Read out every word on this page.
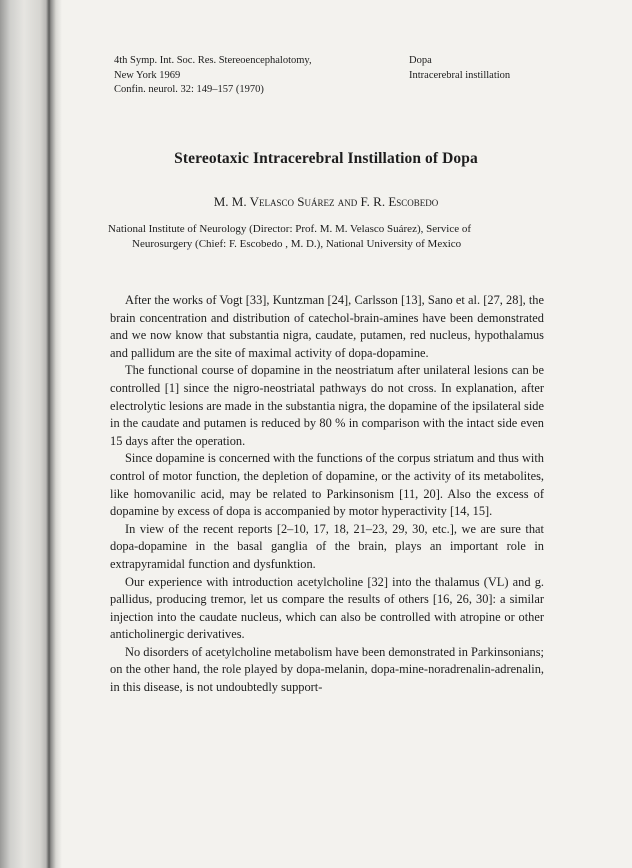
4th Symp. Int. Soc. Res. Stereoencephalotomy,
New York 1969
Confin. neurol. 32: 149–157 (1970)
Dopa
Intracerebral instillation
Stereotaxic Intracerebral Instillation of Dopa
M. M. Velasco Suárez and F. R. Escobedo
National Institute of Neurology (Director: Prof. M. M. Velasco Suárez), Service of
Neurosurgery (Chief: F. Escobedo , M. D.), National University of Mexico

After the works of Vogt [33], Kuntzman [24], Carlsson [13], Sano et al. [27, 28], the brain concentration and distribution of catechol-brain-amines have been demonstrated and we now know that substantia nigra, caudate, putamen, red nucleus, hypothalamus and pallidum are the site of maximal activity of dopa-dopamine.

The functional course of dopamine in the neostriatum after unilateral lesions can be controlled [1] since the nigro-neostriatal pathways do not cross. In explanation, after electrolytic lesions are made in the substantia nigra, the dopamine of the ipsilateral side in the caudate and putamen is reduced by 80 % in comparison with the intact side even 15 days after the operation.

Since dopamine is concerned with the functions of the corpus striatum and thus with control of motor function, the depletion of dopamine, or the activity of its metabolites, like homovanilic acid, may be related to Parkinsonism [11, 20]. Also the excess of dopamine by excess of dopa is accompanied by motor hyperactivity [14, 15].

In view of the recent reports [2–10, 17, 18, 21–23, 29, 30, etc.], we are sure that dopa-dopamine in the basal ganglia of the brain, plays an important role in extrapyramidal function and dysfunktion.

Our experience with introduction acetylcholine [32] into the thalamus (VL) and g. pallidus, producing tremor, let us compare the results of others [16, 26, 30]: a similar injection into the caudate nucleus, which can also be controlled with atropine or other anticholinergic derivatives.

No disorders of acetylcholine metabolism have been demonstrated in Parkinsonians; on the other hand, the role played by dopa-melanin, dopa-mine-noradrenalin-adrenalin, in this disease, is not undoubtedly support-
